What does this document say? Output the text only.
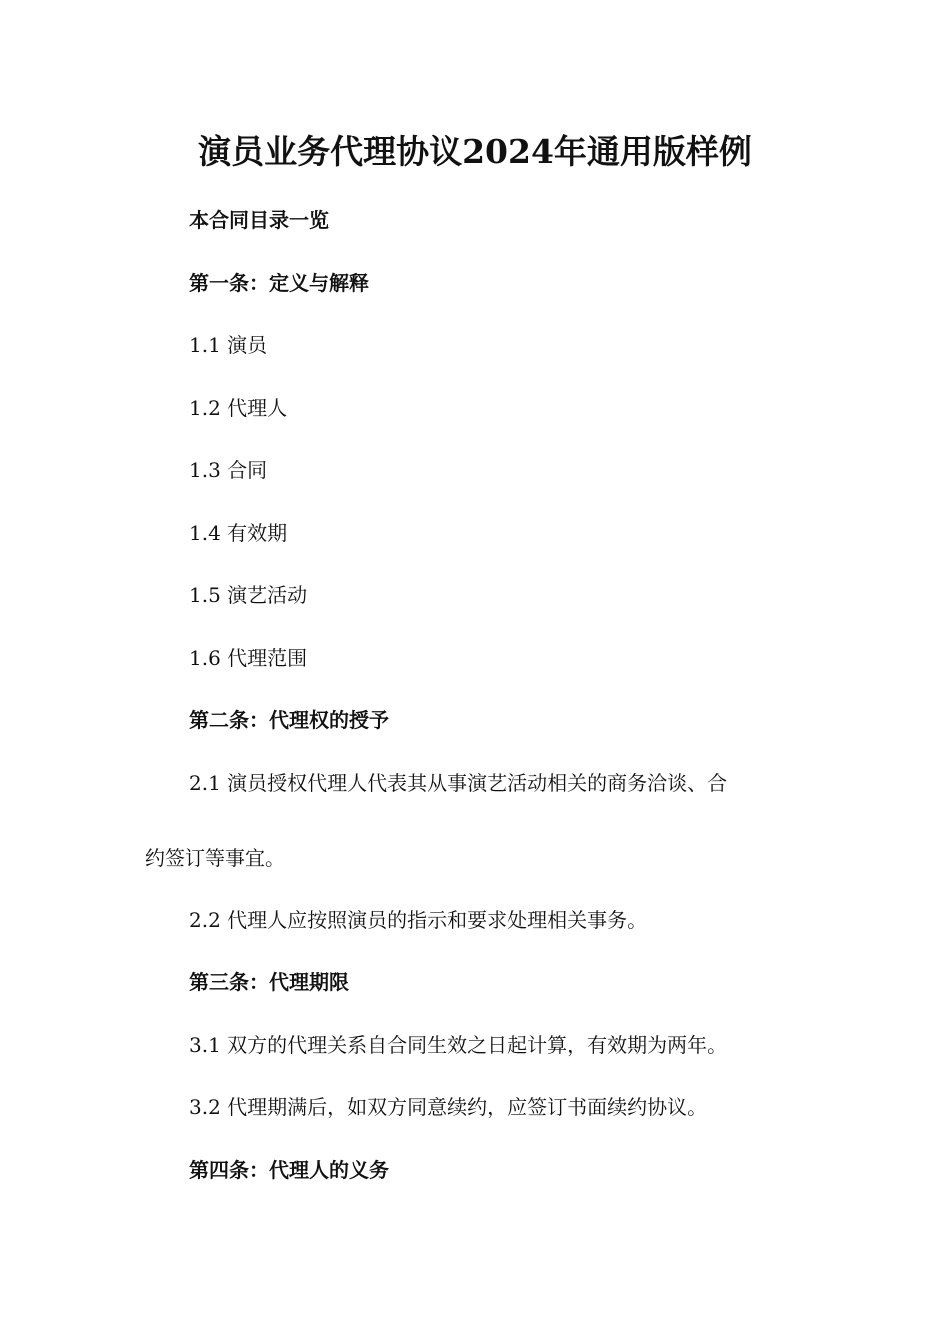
演员业务代理协议2024年通用版样例

本合同目录一览

第一条：定义与解释

1.1 演员

1.2 代理人

1.3 合同

1.4 有效期

1.5 演艺活动

1.6 代理范围

第二条：代理权的授予

2.1 演员授权代理人代表其从事演艺活动相关的商务洽谈、合

约签订等事宜。

2.2 代理人应按照演员的指示和要求处理相关事务。

第三条：代理期限

3.1 双方的代理关系自合同生效之日起计算，有效期为两年。

3.2 代理期满后，如双方同意续约，应签订书面续约协议。

第四条：代理人的义务
